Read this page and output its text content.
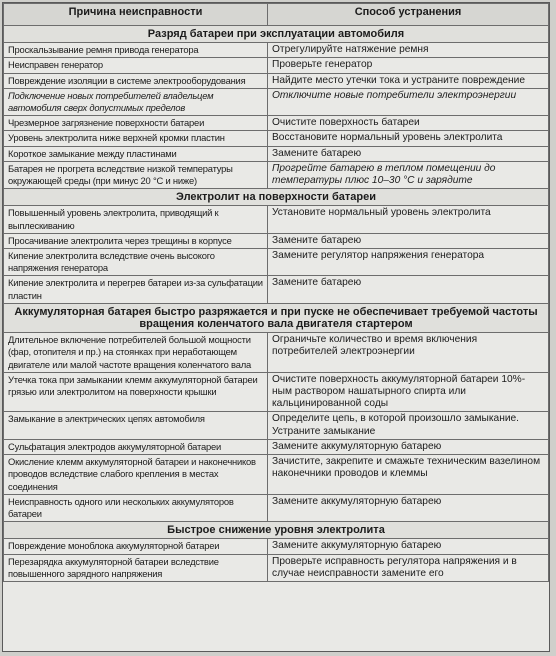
Причина неисправности	Способ устранения
Разряд батареи при эксплуатации автомобиля	
Проскальзывание ремня привода генератора	Отрегулируйте натяжение ремня
Неисправен генератор	Проверьте генератор
Повреждение изоляции в системе электрооборудования	Найдите место утечки тока и устраните повреждение
Подключение новых потребителей владельцем автомобиля сверх допустимых пределов	Отключите новые потребители электроэнергии
Чрезмерное загрязнение поверхности батареи	Очистите поверхность батареи
Уровень электролита ниже верхней кромки пластин	Восстановите нормальный уровень электролита
Короткое замыкание между пластинами	Замените батарею
Батарея не прогрета вследствие низкой температуры окружающей среды (при минус 20 °С и ниже)	Прогрейте батарею в теплом помещении до температуры плюс 10–30 °С и зарядите
Электролит на поверхности батареи	
Повышенный уровень электролита, приводящий к выплескиванию	Установите нормальный уровень электролита
Просачивание электролита через трещины в корпусе	Замените батарею
Кипение электролита вследствие очень высокого напряжения генератора	Замените регулятор напряжения генератора
Кипение электролита и перегрев батареи из-за сульфатации пластин	Замените батарею
Аккумуляторная батарея быстро разряжается и при пуске не обеспечивает требуемой частоты вращения коленчатого вала двигателя стартером	
Длительное включение потребителей большой мощности (фар, отопителя и пр.) на стоянках при неработающем двигателе или малой частоте вращения коленчатого вала	Ограничьте количество и время включения потребителей электроэнергии
Утечка тока при замыкании клемм аккумуляторной батареи грязью или электролитом на поверхности крышки	Очистите поверхность аккумуляторной батареи 10%-ным раствором нашатырного спирта или кальцинированной соды
Замыкание в электрических цепях автомобиля	Определите цепь, в которой произошло замыкание. Устраните замыкание
Сульфатация электродов аккумуляторной батареи	Замените аккумуляторную батарею
Окисление клемм аккумуляторной батареи и наконечников проводов вследствие слабого крепления в местах соединения	Зачистите, закрепите и смажьте техническим вазелином наконечники проводов и клеммы
Неисправность одного или нескольких аккумуляторов батареи	Замените аккумуляторную батарею
Быстрое снижение уровня электролита	
Повреждение моноблока аккумуляторной батареи	Замените аккумуляторную батарею
Перезарядка аккумуляторной батареи вследствие повышенного зарядного напряжения	Проверьте исправность регулятора напряжения и в случае неисправности замените его
